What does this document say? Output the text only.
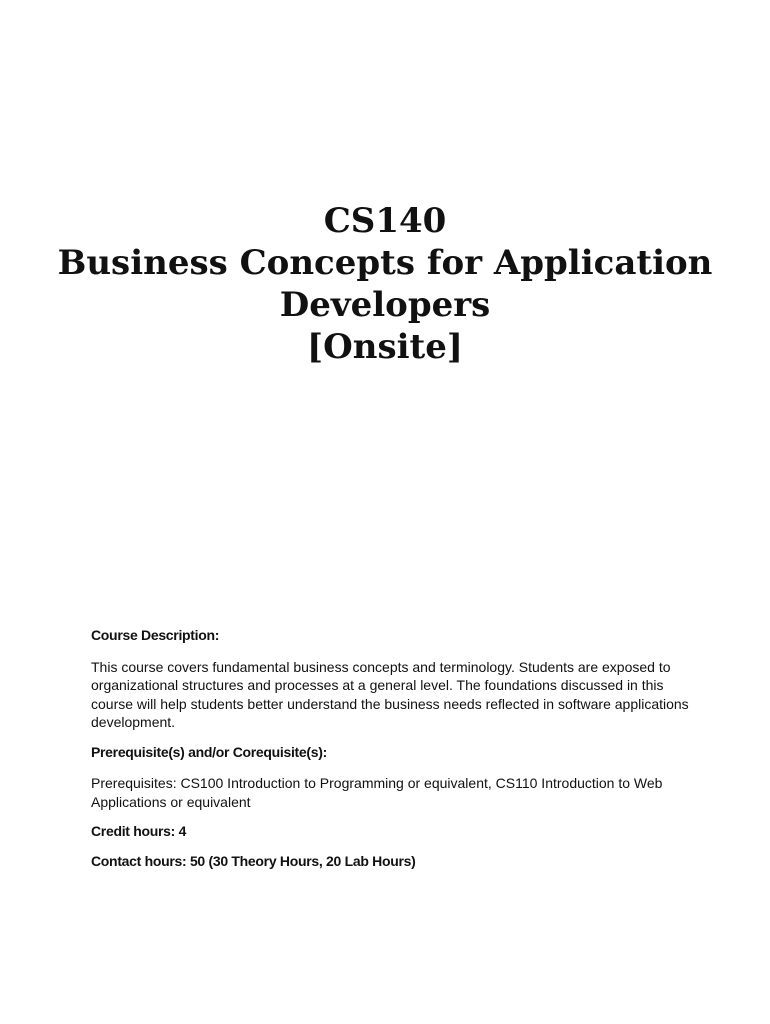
CS140
Business Concepts for Application
Developers
[Onsite]

Course Description:

This course covers fundamental business concepts and terminology. Students are exposed to organizational structures and processes at a general level. The foundations discussed in this course will help students better understand the business needs reflected in software applications development.

Prerequisite(s) and/or Corequisite(s):

Prerequisites: CS100 Introduction to Programming or equivalent, CS110 Introduction to Web Applications or equivalent

Credit hours: 4

Contact hours: 50 (30 Theory Hours, 20 Lab Hours)
